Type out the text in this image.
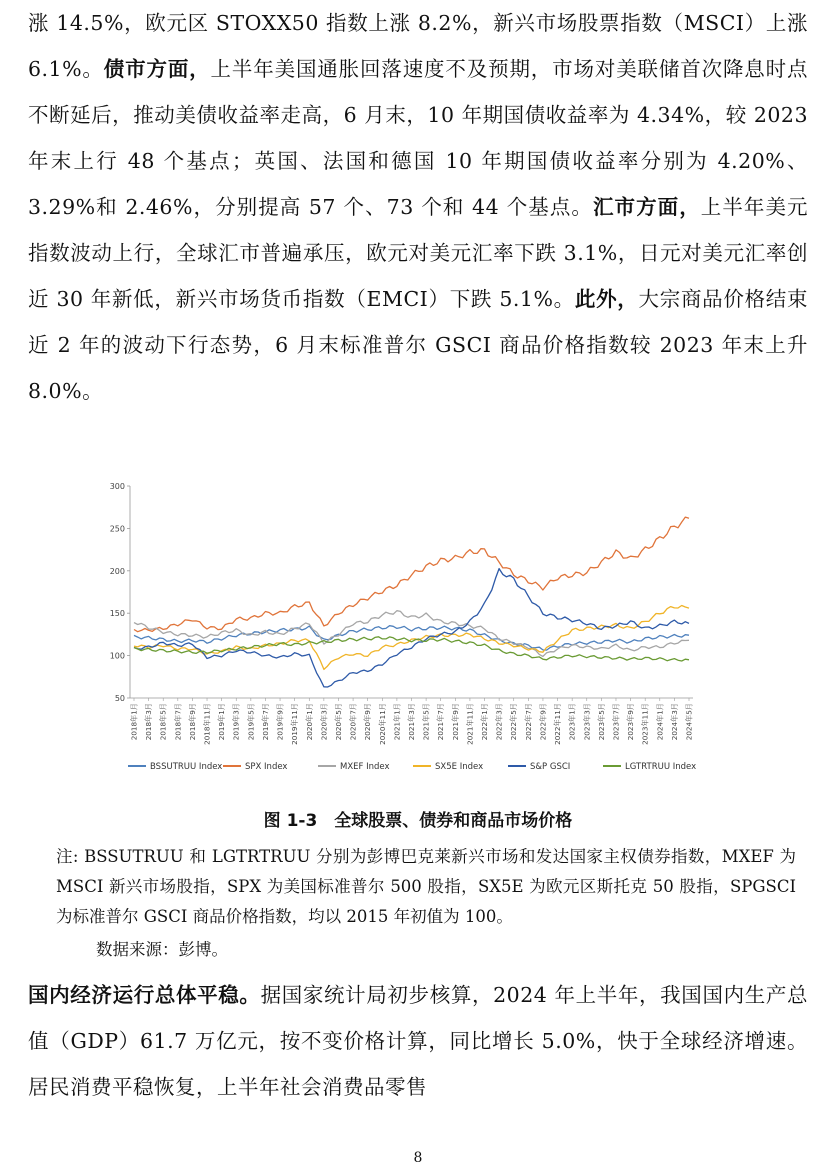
涨 14.5%，欧元区 STOXX50 指数上涨 8.2%，新兴市场股票指数（MSCI）上涨 6.1%。债市方面，上半年美国通胀回落速度不及预期，市场对美联储首次降息时点不断延后，推动美债收益率走高，6 月末，10 年期国债收益率为 4.34%，较 2023 年末上行 48 个基点；英国、法国和德国 10 年期国债收益率分别为 4.20%、3.29%和 2.46%，分别提高 57 个、73 个和 44 个基点。汇市方面，上半年美元指数波动上行，全球汇市普遍承压，欧元对美元汇率下跌 3.1%，日元对美元汇率创近 30 年新低，新兴市场货币指数（EMCI）下跌 5.1%。此外，大宗商品价格结束近 2 年的波动下行态势，6 月末标准普尔 GSCI 商品价格指数较 2023 年末上升 8.0%。

300
250
200
150
100
50
2018年1月 2018年3月 2018年5月 2018年7月 2018年9月 2018年11月 2019年1月 2019年3月 2019年5月 2019年7月 2019年9月 2019年11月 2020年1月 2020年3月 2020年5月 2020年7月 2020年9月 2020年11月 2021年1月 2021年3月 2021年5月 2021年7月 2021年9月 2021年11月 2022年1月 2022年3月 2022年5月 2022年7月 2022年9月 2022年11月 2023年1月 2023年3月 2023年5月 2023年7月 2023年9月 2023年11月 2024年1月 2024年3月 2024年5月
BSSUTRUU Index	SPX Index	MXEF Index	SX5E Index	S&P GSCI	LGTRTRUU Index
图 1-3　全球股票、债券和商品市场价格

注: BSSUTRUU 和 LGTRTRUU 分别为彭博巴克莱新兴市场和发达国家主权债券指数，MXEF 为 MSCI 新兴市场股指，SPX 为美国标准普尔 500 股指，SX5E 为欧元区斯托克 50 股指，SPGSCI 为标准普尔 GSCI 商品价格指数，均以 2015 年初值为 100。

数据来源：彭博。

国内经济运行总体平稳。据国家统计局初步核算，2024 年上半年，我国国内生产总值（GDP）61.7 万亿元，按不变价格计算，同比增长 5.0%，快于全球经济增速。居民消费平稳恢复，上半年社会消费品零售

8
